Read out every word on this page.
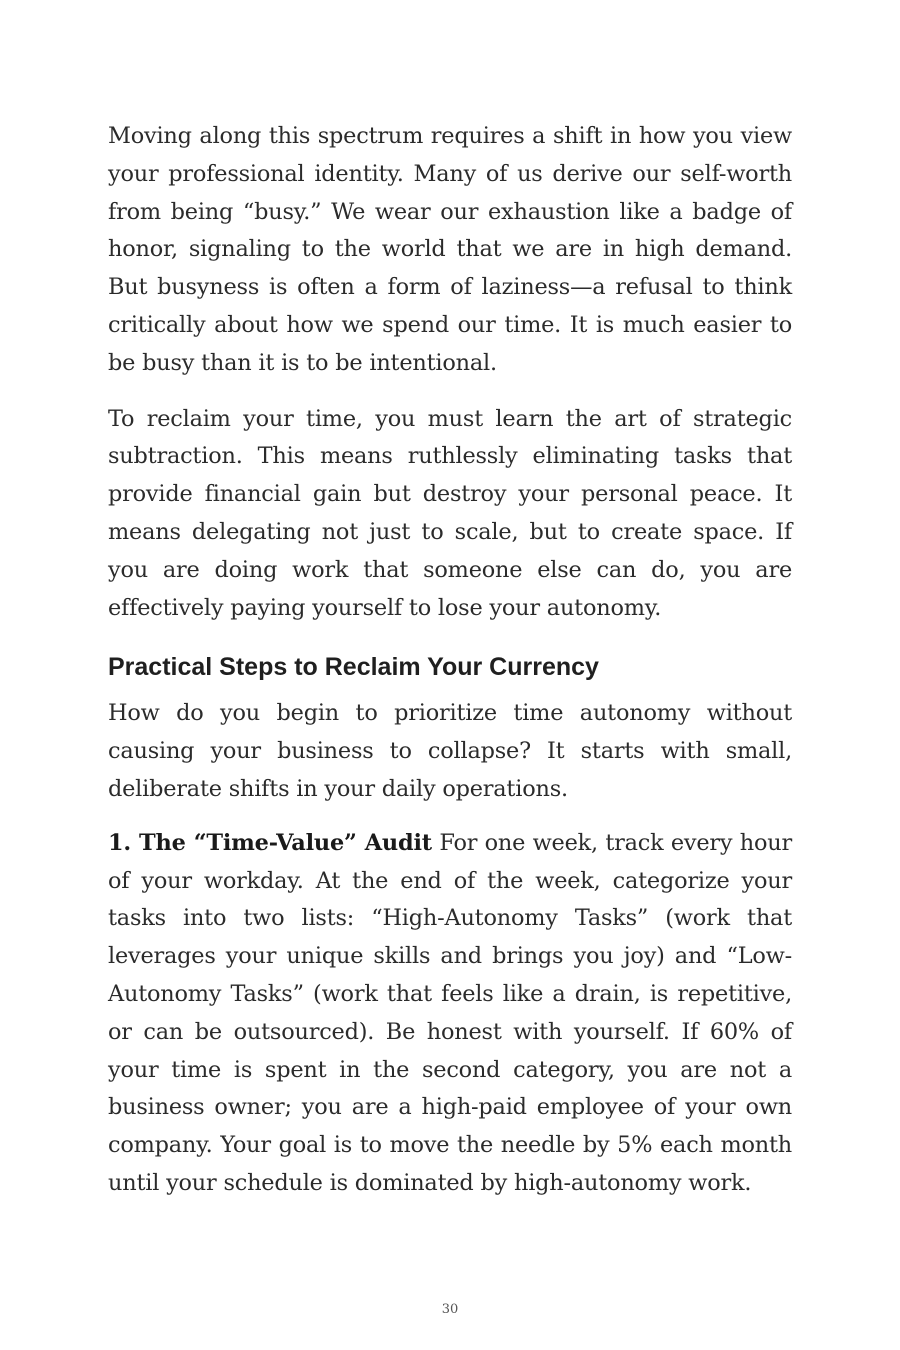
Moving along this spectrum requires a shift in how you view your professional identity. Many of us derive our self-worth from being “busy.” We wear our exhaustion like a badge of honor, signaling to the world that we are in high demand. But busyness is often a form of laziness—a refusal to think critically about how we spend our time. It is much easier to be busy than it is to be intentional.

To reclaim your time, you must learn the art of strategic subtraction. This means ruthlessly eliminating tasks that provide financial gain but destroy your personal peace. It means delegating not just to scale, but to create space. If you are doing work that someone else can do, you are effectively paying yourself to lose your autonomy.

Practical Steps to Reclaim Your Currency

How do you begin to prioritize time autonomy without causing your business to collapse? It starts with small, deliberate shifts in your daily operations.

1. The “Time-Value” Audit For one week, track every hour of your workday. At the end of the week, categorize your tasks into two lists: “High-Autonomy Tasks” (work that leverages your unique skills and brings you joy) and “Low-Autonomy Tasks” (work that feels like a drain, is repetitive, or can be outsourced). Be honest with yourself. If 60% of your time is spent in the second category, you are not a business owner; you are a high-paid employee of your own company. Your goal is to move the needle by 5% each month until your schedule is dominated by high-autonomy work.

30
